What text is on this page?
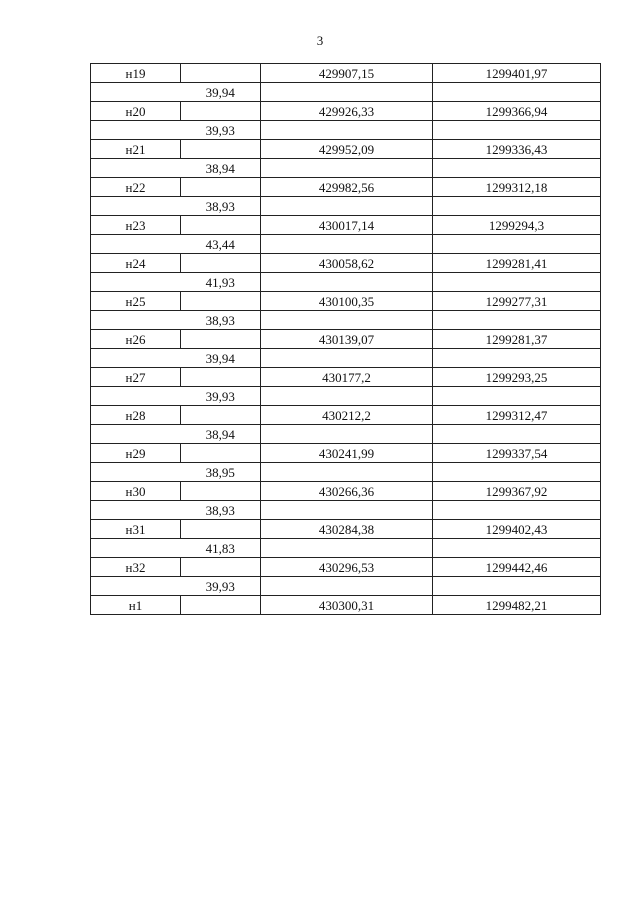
3
н19		429907,15	1299401,97
	39,94		
н20		429926,33	1299366,94
	39,93		
н21		429952,09	1299336,43
	38,94		
н22		429982,56	1299312,18
	38,93		
н23		430017,14	1299294,3
	43,44		
н24		430058,62	1299281,41
	41,93		
н25		430100,35	1299277,31
	38,93		
н26		430139,07	1299281,37
	39,94		
н27		430177,2	1299293,25
	39,93		
н28		430212,2	1299312,47
	38,94		
н29		430241,99	1299337,54
	38,95		
н30		430266,36	1299367,92
	38,93		
н31		430284,38	1299402,43
	41,83		
н32		430296,53	1299442,46
	39,93		
н1		430300,31	1299482,21
